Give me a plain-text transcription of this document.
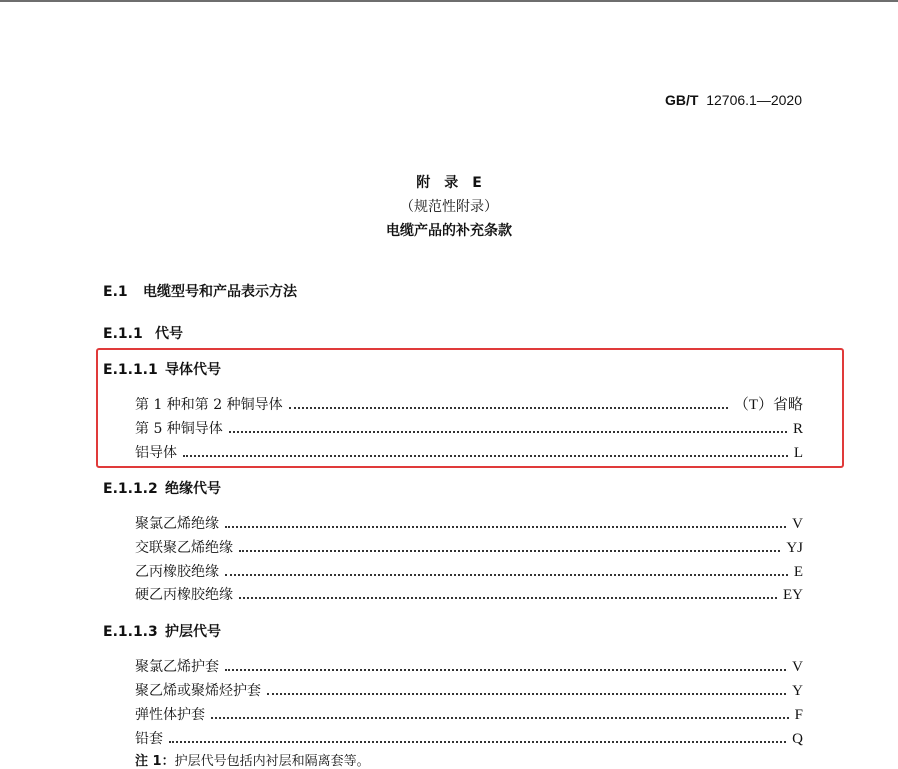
GB/T 12706.1—2020
附　录　E
（规范性附录）
电缆产品的补充条款
E.1 电缆型号和产品表示方法
E.1.1 代号
E.1.1.1 导体代号
第 1 种和第 2 种铜导体	（T）省略
第 5 种铜导体	R
铝导体	L
E.1.1.2 绝缘代号
聚氯乙烯绝缘	V
交联聚乙烯绝缘	YJ
乙丙橡胶绝缘	E
硬乙丙橡胶绝缘	EY
E.1.1.3 护层代号
聚氯乙烯护套	V
聚乙烯或聚烯烃护套	Y
弹性体护套	F
铅套	Q
注 1：护层代号包括内衬层和隔离套等。
